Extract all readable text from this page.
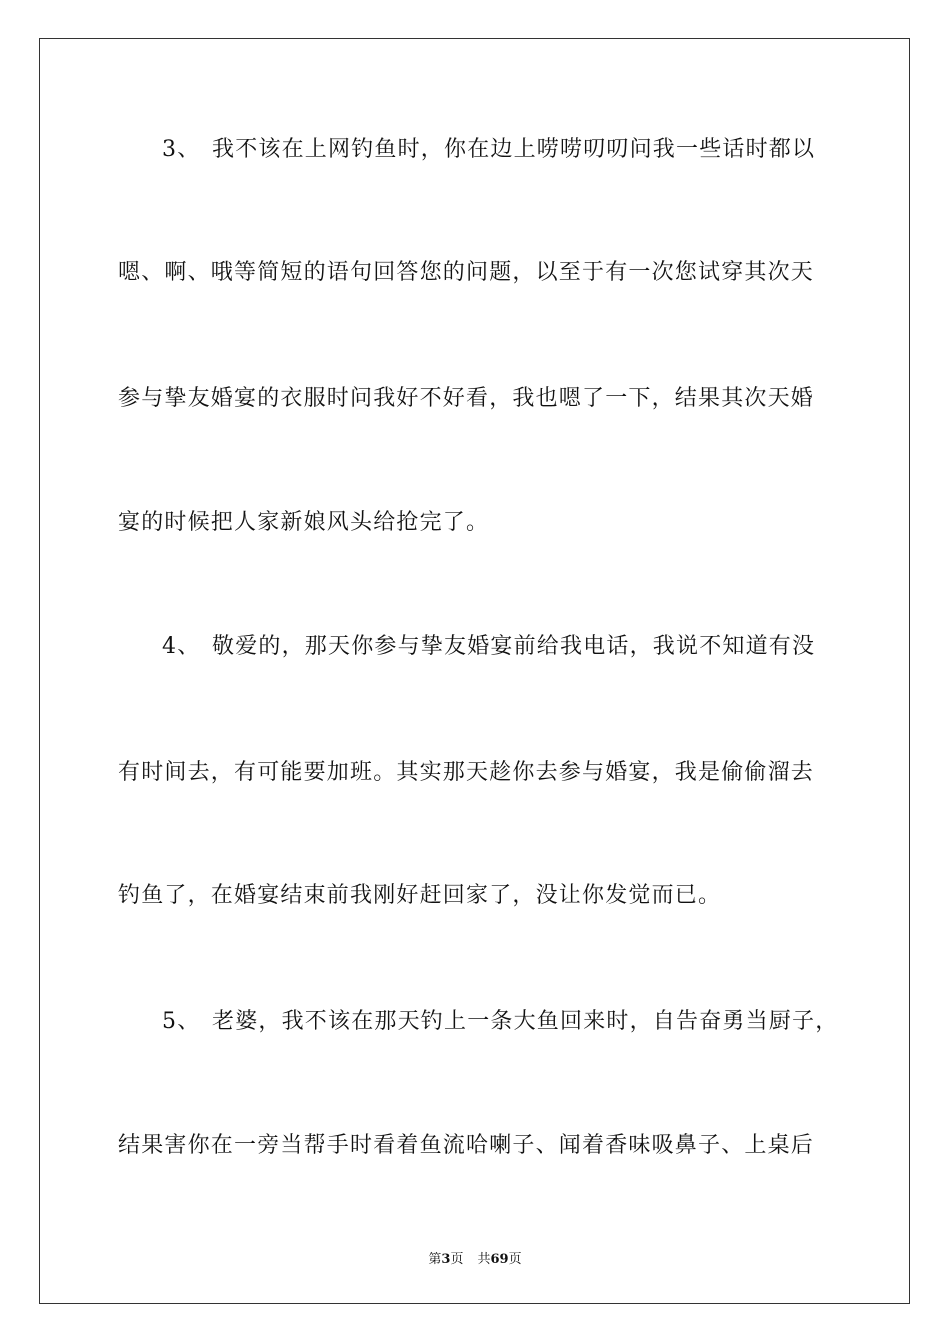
3、 我不该在上网钓鱼时，你在边上唠唠叨叨问我一些话时都以
嗯、啊、哦等简短的语句回答您的问题，以至于有一次您试穿其次天
参与挚友婚宴的衣服时问我好不好看，我也嗯了一下，结果其次天婚
宴的时候把人家新娘风头给抢完了。
4、 敬爱的，那天你参与挚友婚宴前给我电话，我说不知道有没
有时间去，有可能要加班。其实那天趁你去参与婚宴，我是偷偷溜去
钓鱼了，在婚宴结束前我刚好赶回家了，没让你发觉而已。
5、 老婆，我不该在那天钓上一条大鱼回来时，自告奋勇当厨子，
结果害你在一旁当帮手时看着鱼流哈喇子、闻着香味吸鼻子、上桌后
第3页 共69页
